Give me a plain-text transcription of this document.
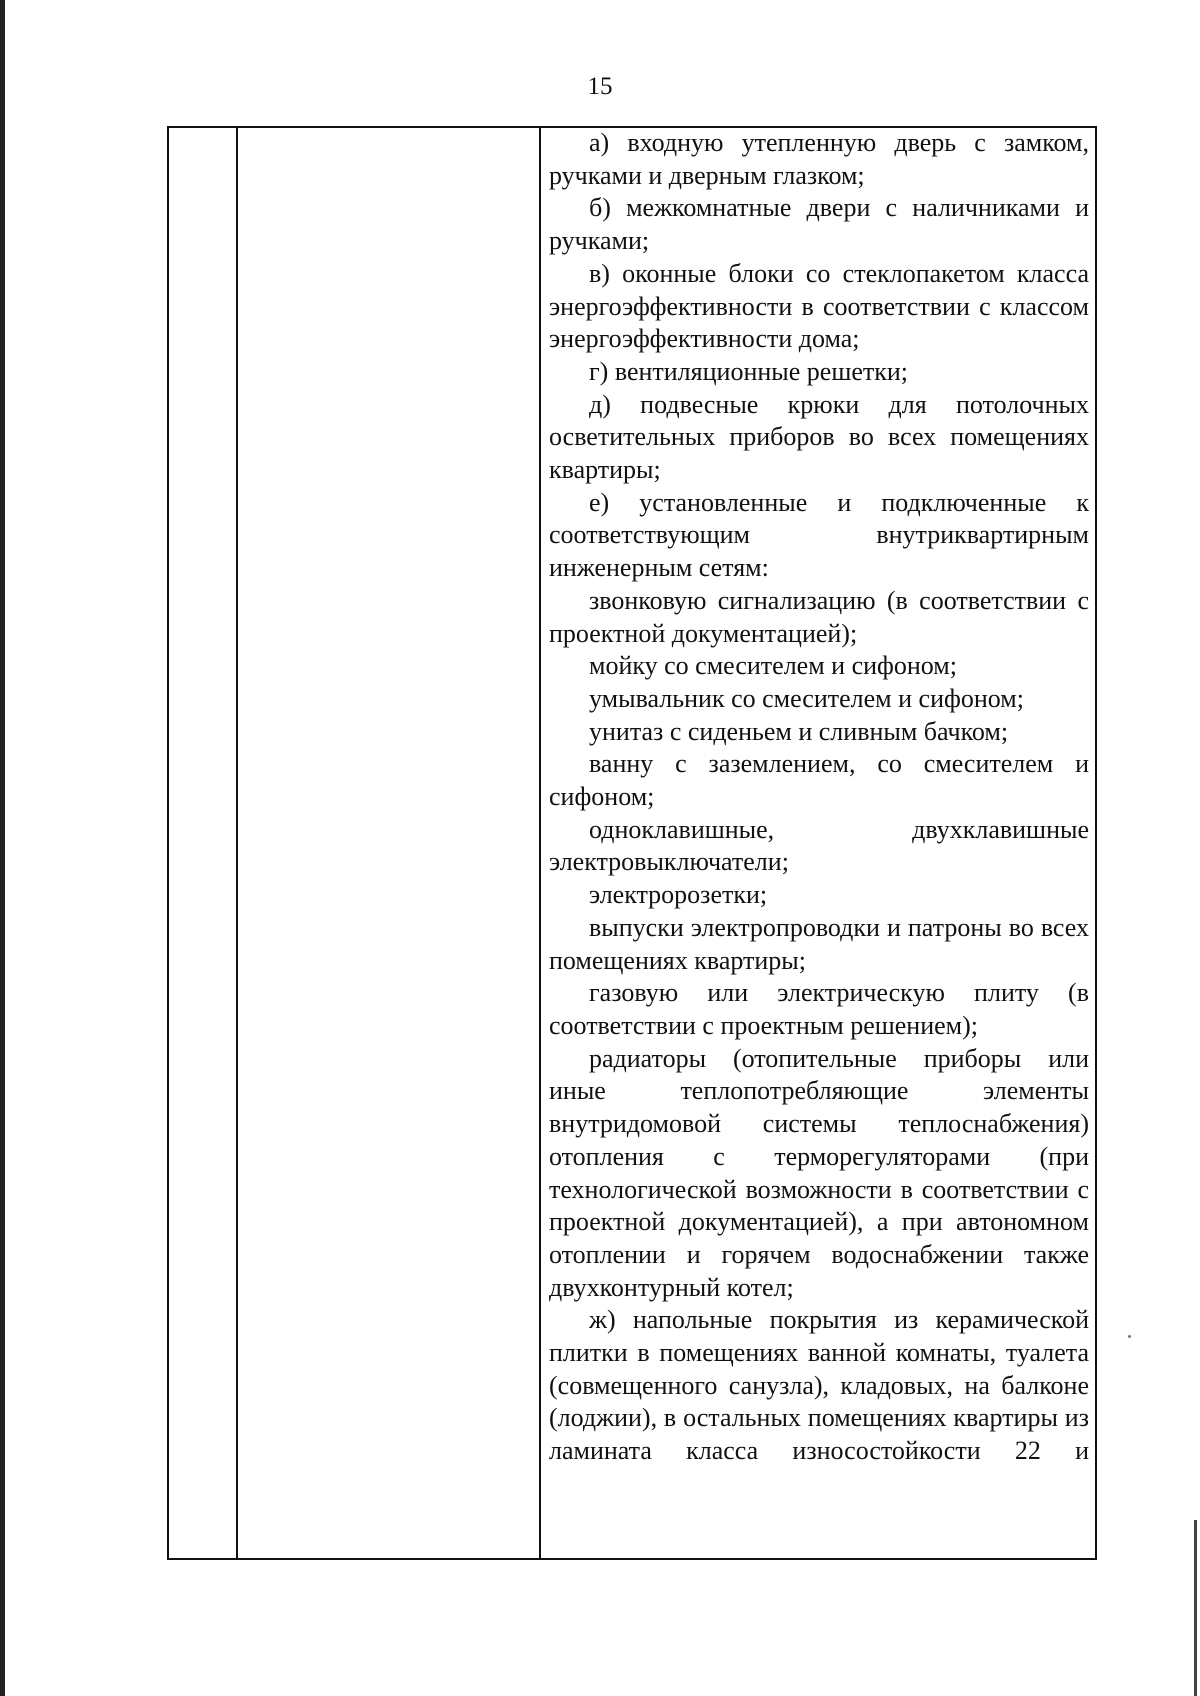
15

а) входную утепленную дверь с замком, ручками и дверным глазком;

б) межкомнатные двери с наличниками и ручками;

в) оконные блоки со стеклопакетом класса энергоэффективности в соответствии с классом энергоэффективности дома;

г) вентиляционные решетки;

д) подвесные крюки для потолочных осветительных приборов во всех помещениях квартиры;

е) установленные и подключенные к соответствующим внутриквартирным инженерным сетям:

звонковую сигнализацию (в соответствии с проектной документацией);

мойку со смесителем и сифоном;

умывальник со смесителем и сифоном;

унитаз с сиденьем и сливным бачком;

ванну с заземлением, со смесителем и сифоном;

одноклавишные, двухклавишные электровыключатели;

электророзетки;

выпуски электропроводки и патроны во всех помещениях квартиры;

газовую или электрическую плиту (в соответствии с проектным решением);

радиаторы (отопительные приборы или иные теплопотребляющие элементы внутридомовой системы теплоснабжения) отопления с терморегуляторами (при технологической возможности в соответствии с проектной документацией), а при автономном отоплении и горячем водоснабжении также двухконтурный котел;

ж) напольные покрытия из керамической плитки в помещениях ванной комнаты, туалета (совмещенного санузла), кладовых, на балконе (лоджии), в остальных помещениях квартиры из ламината класса износостойкости 22 и
